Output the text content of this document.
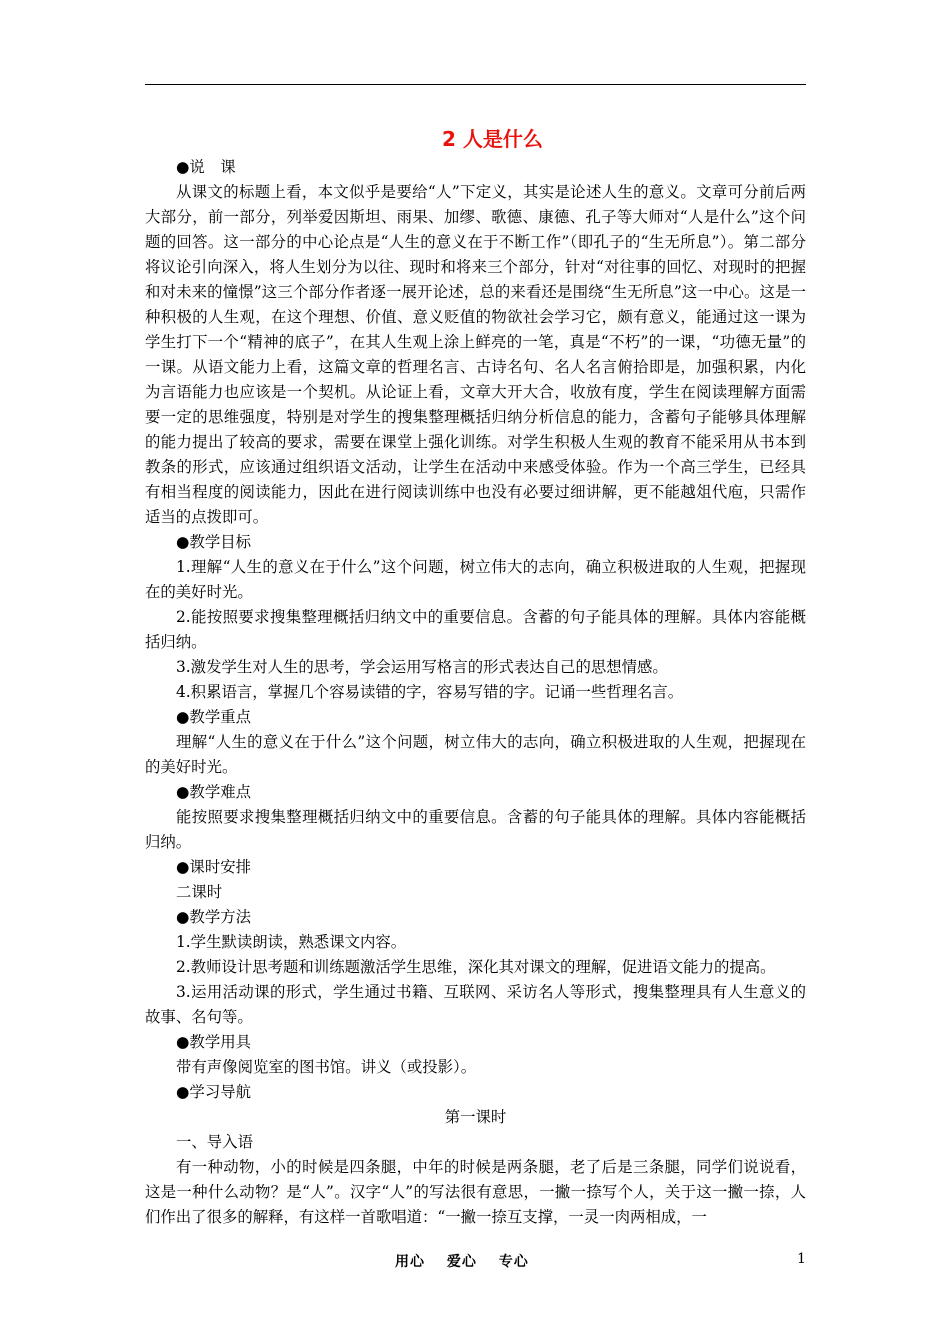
2 人是什么

●说　课

从课文的标题上看，本文似乎是要给“人”下定义，其实是论述人生的意义。文章可分前后两大部分，前一部分，列举爱因斯坦、雨果、加缪、歌德、康德、孔子等大师对“人是什么”这个问题的回答。这一部分的中心论点是“人生的意义在于不断工作”（即孔子的“生无所息”）。第二部分将议论引向深入，将人生划分为以往、现时和将来三个部分，针对“对往事的回忆、对现时的把握和对未来的憧憬”这三个部分作者逐一展开论述，总的来看还是围绕“生无所息”这一中心。这是一种积极的人生观，在这个理想、价值、意义贬值的物欲社会学习它，颇有意义，能通过这一课为学生打下一个“精神的底子”，在其人生观上涂上鲜亮的一笔，真是“不朽”的一课，“功德无量”的一课。从语文能力上看，这篇文章的哲理名言、古诗名句、名人名言俯拾即是，加强积累，内化为言语能力也应该是一个契机。从论证上看，文章大开大合，收放有度，学生在阅读理解方面需要一定的思维强度，特别是对学生的搜集整理概括归纳分析信息的能力，含蓄句子能够具体理解的能力提出了较高的要求，需要在课堂上强化训练。对学生积极人生观的教育不能采用从书本到教条的形式，应该通过组织语文活动，让学生在活动中来感受体验。作为一个高三学生，已经具有相当程度的阅读能力，因此在进行阅读训练中也没有必要过细讲解，更不能越俎代庖，只需作适当的点拨即可。

●教学目标

1.理解“人生的意义在于什么”这个问题，树立伟大的志向，确立积极进取的人生观，把握现在的美好时光。

2.能按照要求搜集整理概括归纳文中的重要信息。含蓄的句子能具体的理解。具体内容能概括归纳。

3.激发学生对人生的思考，学会运用写格言的形式表达自己的思想情感。

4.积累语言，掌握几个容易读错的字，容易写错的字。记诵一些哲理名言。

●教学重点

理解“人生的意义在于什么”这个问题，树立伟大的志向，确立积极进取的人生观，把握现在的美好时光。

●教学难点

能按照要求搜集整理概括归纳文中的重要信息。含蓄的句子能具体的理解。具体内容能概括归纳。

●课时安排

二课时

●教学方法

1.学生默读朗读，熟悉课文内容。

2.教师设计思考题和训练题激活学生思维，深化其对课文的理解，促进语文能力的提高。

3.运用活动课的形式，学生通过书籍、互联网、采访名人等形式，搜集整理具有人生意义的故事、名句等。

●教学用具

带有声像阅览室的图书馆。讲义（或投影）。

●学习导航

第一课时

一、导入语

有一种动物，小的时候是四条腿，中年的时候是两条腿，老了后是三条腿，同学们说说看，这是一种什么动物？是“人”。汉字“人”的写法很有意思，一撇一捺写个人，关于这一撇一捺，人们作出了很多的解释，有这样一首歌唱道：“一撇一捺互支撑，一灵一肉两相成，一

用心 爱心 专心	1
